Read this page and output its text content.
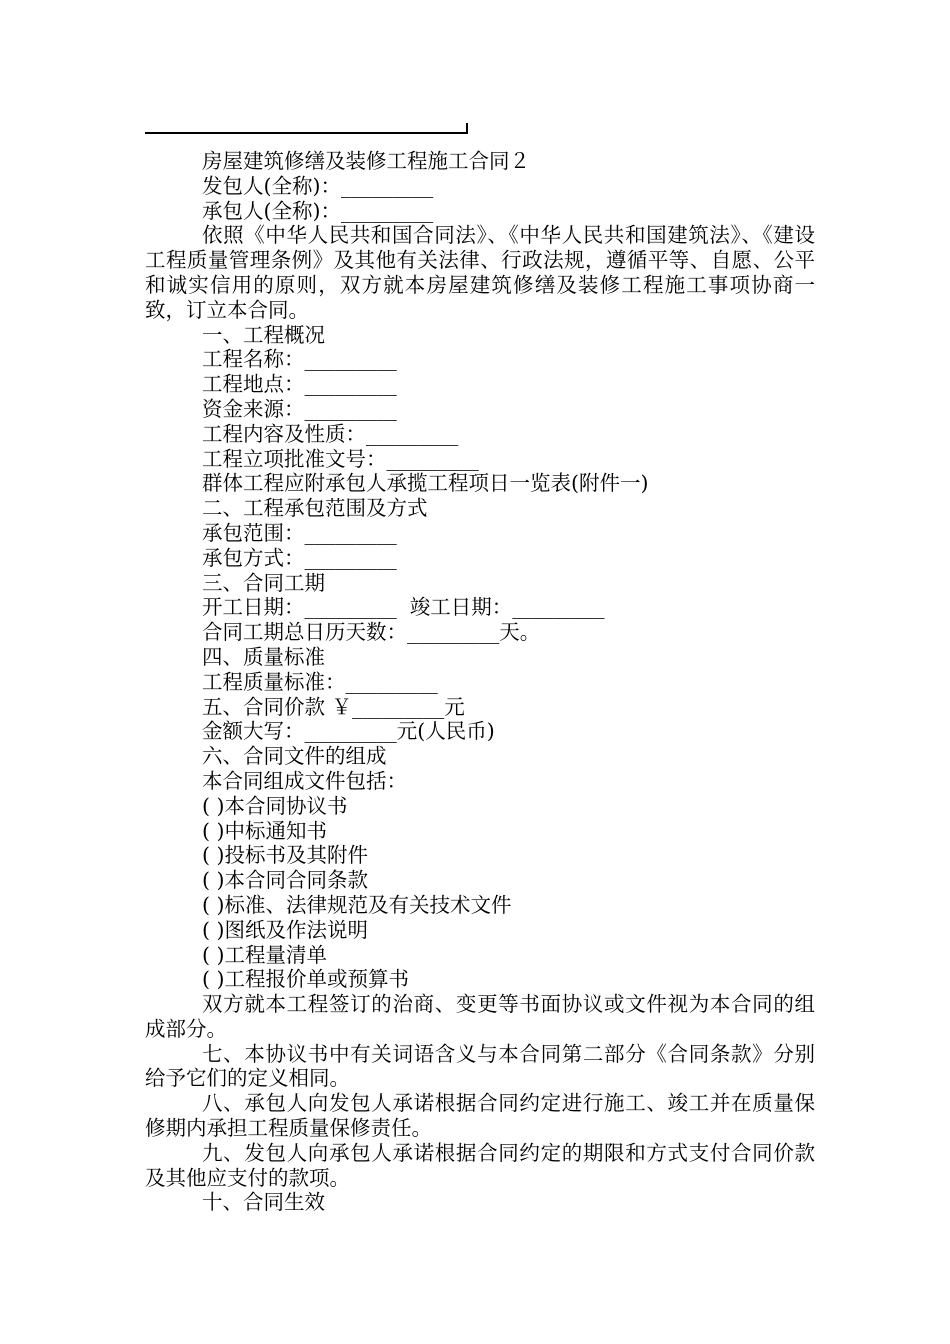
房屋建筑修缮及装修工程施工合同２
发包人(全称)：_________
承包人(全称)：_________
依照《中华人民共和国合同法》、《中华人民共和国建筑法》、《建设工程质量管理条例》及其他有关法律、行政法规，遵循平等、自愿、公平和诚实信用的原则，双方就本房屋建筑修缮及装修工程施工事项协商一致，订立本合同。
一、工程概况
工程名称：_________
工程地点：_________
资金来源：_________
工程内容及性质：_________
工程立项批准文号：_________
群体工程应附承包人承揽工程项日一览表(附件一)
二、工程承包范围及方式
承包范围：_________
承包方式：_________
三、合同工期
开工日期：_________  竣工日期：_________
合同工期总日历天数：_________天。
四、质量标准
工程质量标准：_________
五、合同价款 ￥_________元
金额大写：_________元(人民币)
六、合同文件的组成
本合同组成文件包括：
( )本合同协议书
( )中标通知书
( )投标书及其附件
( )本合同合同条款
( )标准、法律规范及有关技术文件
( )图纸及作法说明
( )工程量清单
( )工程报价单或预算书
双方就本工程签订的治商、变更等书面协议或文件视为本合同的组成部分。
七、本协议书中有关词语含义与本合同第二部分《合同条款》分别给予它们的定义相同。
八、承包人向发包人承诺根据合同约定进行施工、竣工并在质量保修期内承担工程质量保修责任。
九、发包人向承包人承诺根据合同约定的期限和方式支付合同价款及其他应支付的款项。
十、合同生效
